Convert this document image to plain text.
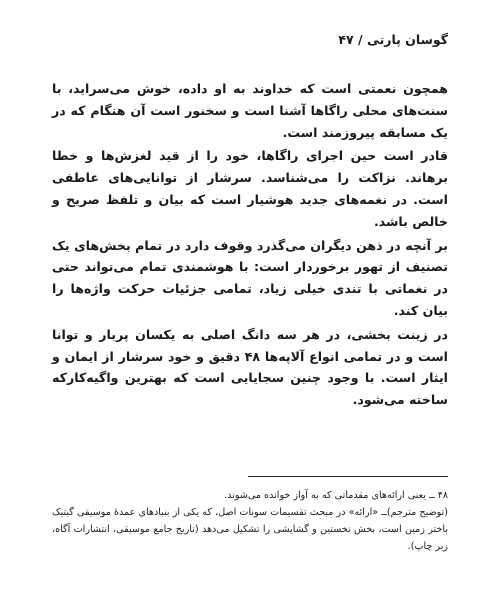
گوسان پارتی / ۴۷

همچون نعمتی است که خداوند به او داده، خوش می‌سراید، با سنت‌های محلی راگاها آشنا است و سخنور است آن هنگام که در یک مسابقه پیروزمند است.

قادر است حین اجرای راگاها، خود را از قید لغزش‌ها و خطا برهاند. نزاکت را می‌شناسد. سرشار از توانایی‌های عاطفی است. در نغمه‌های جدید هوشیار است که بیان و تلفظ صریح و خالص باشد.

بر آنچه در ذهن دیگران می‌گذرد وقوف دارد در تمام بخش‌های یک تصنیف از تهور برخوردار است: با هوشمندی تمام می‌تواند حتی در نغماتی با تندی خیلی زیاد، تمامی جزئیات حرکت واژه‌ها را بیان کند.

در زینت بخشی، در هر سه دانگ اصلی به یکسان پربار و توانا است و در تمامی انواع آلاپه‌ها ۴۸ دقیق و خود سرشار از ایمان و ایثار است. با وجود چنین سجایایی است که بهترین واگیه‌کارکه ساخته می‌شود.

۴۸ ــ یعنی ارائه‌های مقدماتی که به آواز خوانده می‌شوند.

(توضیح مترجم)ــ «ارائه» در مبحث تقسیمات سونات اصل، که یکی از بنیادهای عمدهٔ موسیقی گیتیک باختر زمین است، بخش نخستین و گشایشی را تشکیل می‌دهد (تاریخ جامع موسیقی، انتشارات آگاه، زیر چاپ).
